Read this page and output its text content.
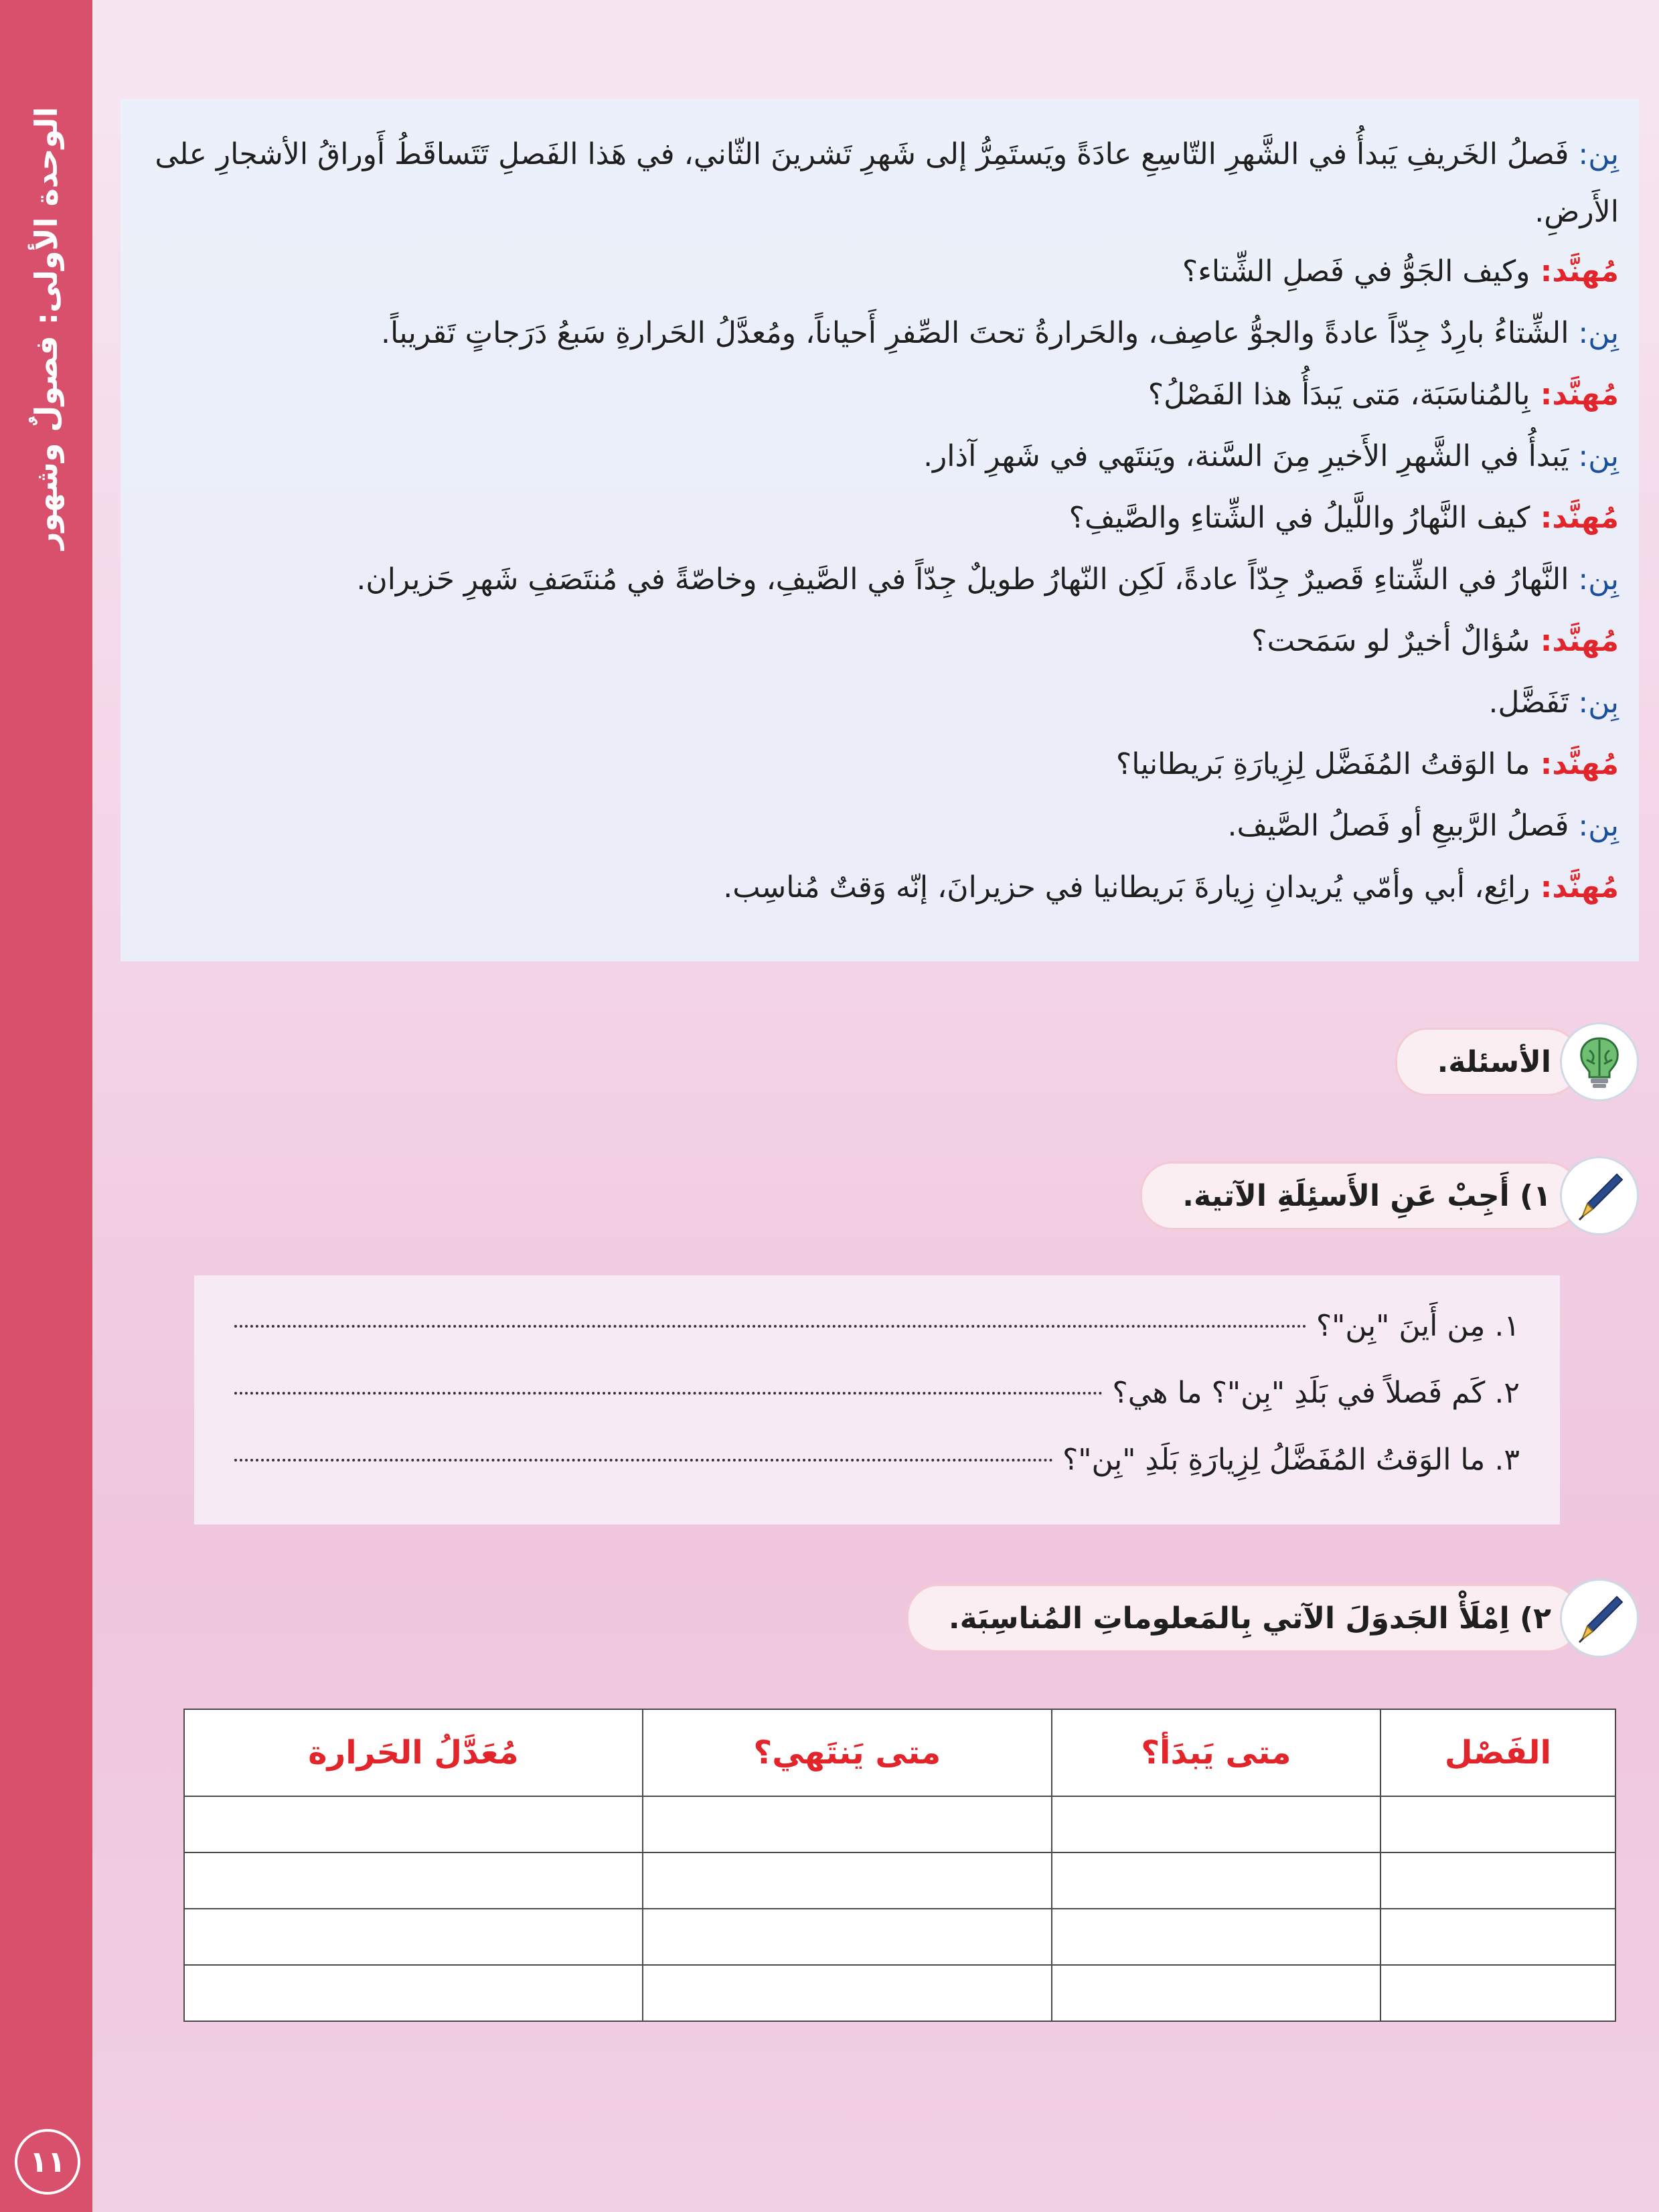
الوحدة الأولى: فصولٌ وشهور
١١
بِن: فَصلُ الخَريفِ يَبدأُ في الشَّهرِ التّاسِعِ عادَةً ويَستَمِرُّ إلى شَهرِ تَشرينَ الثّاني، في هَذا الفَصلِ تَتَساقَطُ أَوراقُ الأشجارِ على الأَرضِ.
مُهنَّد: وكيف الجَوُّ في فَصلِ الشِّتاء؟
بِن: الشِّتاءُ بارِدٌ جِدّاً عادةً والجوُّ عاصِف، والحَرارةُ تحتَ الصِّفرِ أَحياناً، ومُعدَّلُ الحَرارةِ سَبعُ دَرَجاتٍ تَقريباً.
مُهنَّد: بِالمُناسَبَة، مَتى يَبدَأُ هذا الفَصْلُ؟
بِن: يَبدأُ في الشَّهرِ الأَخيرِ مِنَ السَّنة، ويَنتَهي في شَهرِ آذار.
مُهنَّد: كيف النَّهارُ واللَّيلُ في الشِّتاءِ والصَّيفِ؟
بِن: النَّهارُ في الشِّتاءِ قَصيرٌ جِدّاً عادةً، لَكِن النّهارُ طويلٌ جِدّاً في الصَّيفِ، وخاصّةً في مُنتَصَفِ شَهرِ حَزيران.
مُهنَّد: سُؤالٌ أخيرٌ لو سَمَحت؟
بِن: تَفَضَّل.
مُهنَّد: ما الوَقتُ المُفَضَّل لِزِيارَةِ بَريطانيا؟
بِن: فَصلُ الرَّبيعِ أو فَصلُ الصَّيف.
مُهنَّد: رائِع، أبي وأمّي يُريدانِ زِيارةَ بَريطانيا في حزيرانَ، إنّه وَقتٌ مُناسِب.
الأسئلة.
١) أَجِبْ عَنِ الأَسئِلَةِ الآتية.
١. مِن أَينَ "بِن"؟
٢. كَم فَصلاً في بَلَدِ "بِن"؟ ما هي؟
٣. ما الوَقتُ المُفَضَّلُ لِزِيارَةِ بَلَدِ "بِن"؟
٢) اِمْلَأْ الجَدوَلَ الآتي بِالمَعلوماتِ المُناسِبَة.
الفَصْل	متى يَبدَأ؟	متى يَنتَهي؟	مُعَدَّلُ الحَرارة
